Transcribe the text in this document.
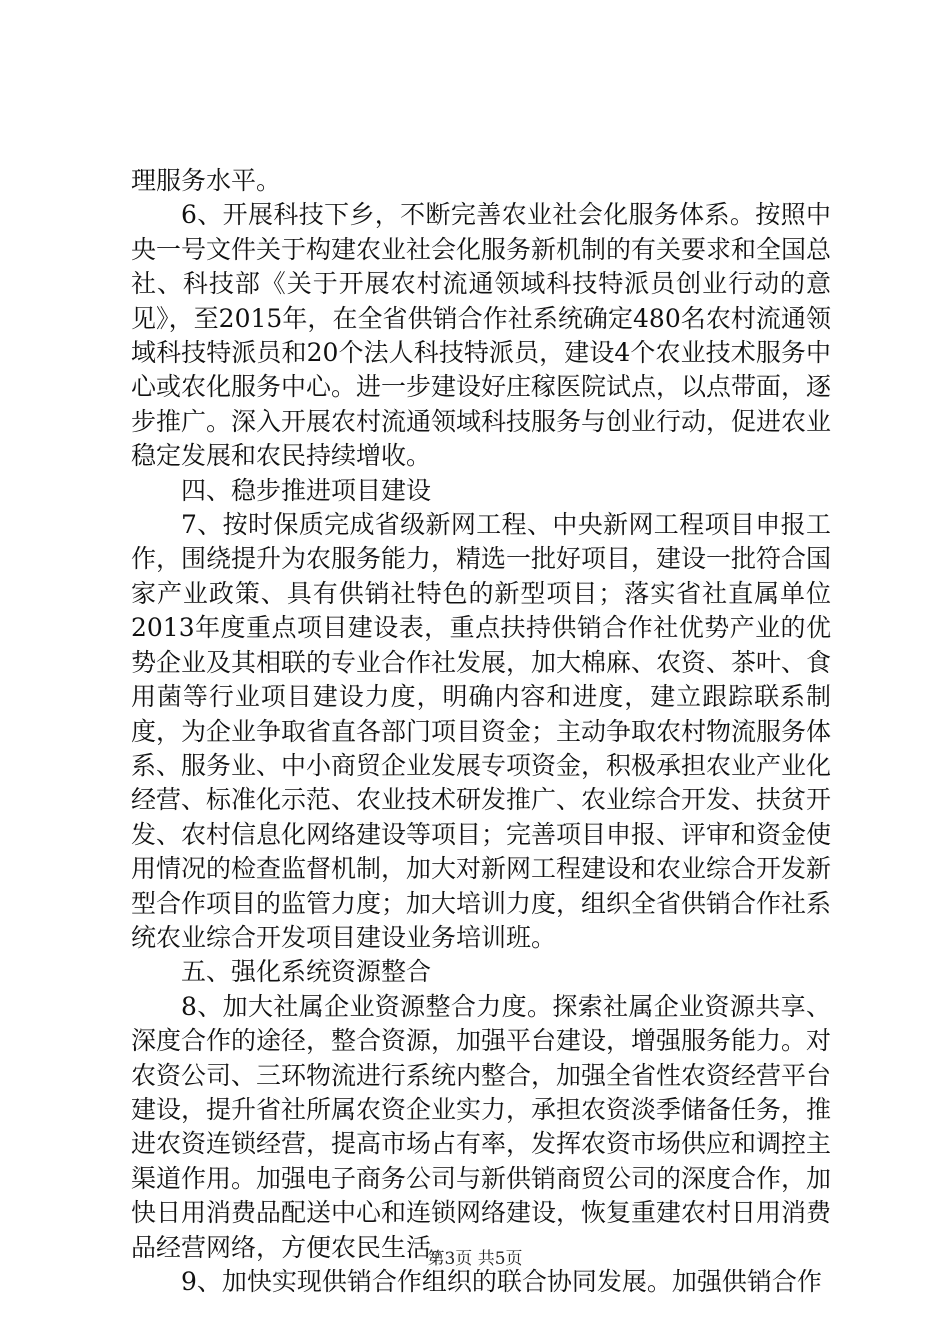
理服务水平。

6、开展科技下乡，不断完善农业社会化服务体系。按照中央一号文件关于构建农业社会化服务新机制的有关要求和全国总社、科技部《关于开展农村流通领域科技特派员创业行动的意见》，至2015年，在全省供销合作社系统确定480名农村流通领域科技特派员和20个法人科技特派员，建设4个农业技术服务中心或农化服务中心。进一步建设好庄稼医院试点，以点带面，逐步推广。深入开展农村流通领域科技服务与创业行动，促进农业稳定发展和农民持续增收。

四、稳步推进项目建设

7、按时保质完成省级新网工程、中央新网工程项目申报工作，围绕提升为农服务能力，精选一批好项目，建设一批符合国家产业政策、具有供销社特色的新型项目；落实省社直属单位2013年度重点项目建设表，重点扶持供销合作社优势产业的优势企业及其相联的专业合作社发展，加大棉麻、农资、茶叶、食用菌等行业项目建设力度，明确内容和进度，建立跟踪联系制度，为企业争取省直各部门项目资金；主动争取农村物流服务体系、服务业、中小商贸企业发展专项资金，积极承担农业产业化经营、标准化示范、农业技术研发推广、农业综合开发、扶贫开发、农村信息化网络建设等项目；完善项目申报、评审和资金使用情况的检查监督机制，加大对新网工程建设和农业综合开发新型合作项目的监管力度；加大培训力度，组织全省供销合作社系统农业综合开发项目建设业务培训班。

五、强化系统资源整合

8、加大社属企业资源整合力度。探索社属企业资源共享、深度合作的途径，整合资源，加强平台建设，增强服务能力。对农资公司、三环物流进行系统内整合，加强全省性农资经营平台建设，提升省社所属农资企业实力，承担农资淡季储备任务，推进农资连锁经营，提高市场占有率，发挥农资市场供应和调控主渠道作用。加强电子商务公司与新供销商贸公司的深度合作，加快日用消费品配送中心和连锁网络建设，恢复重建农村日用消费品经营网络，方便农民生活。

9、加快实现供销合作组织的联合协同发展。加强供销合作

第3页 共5页
